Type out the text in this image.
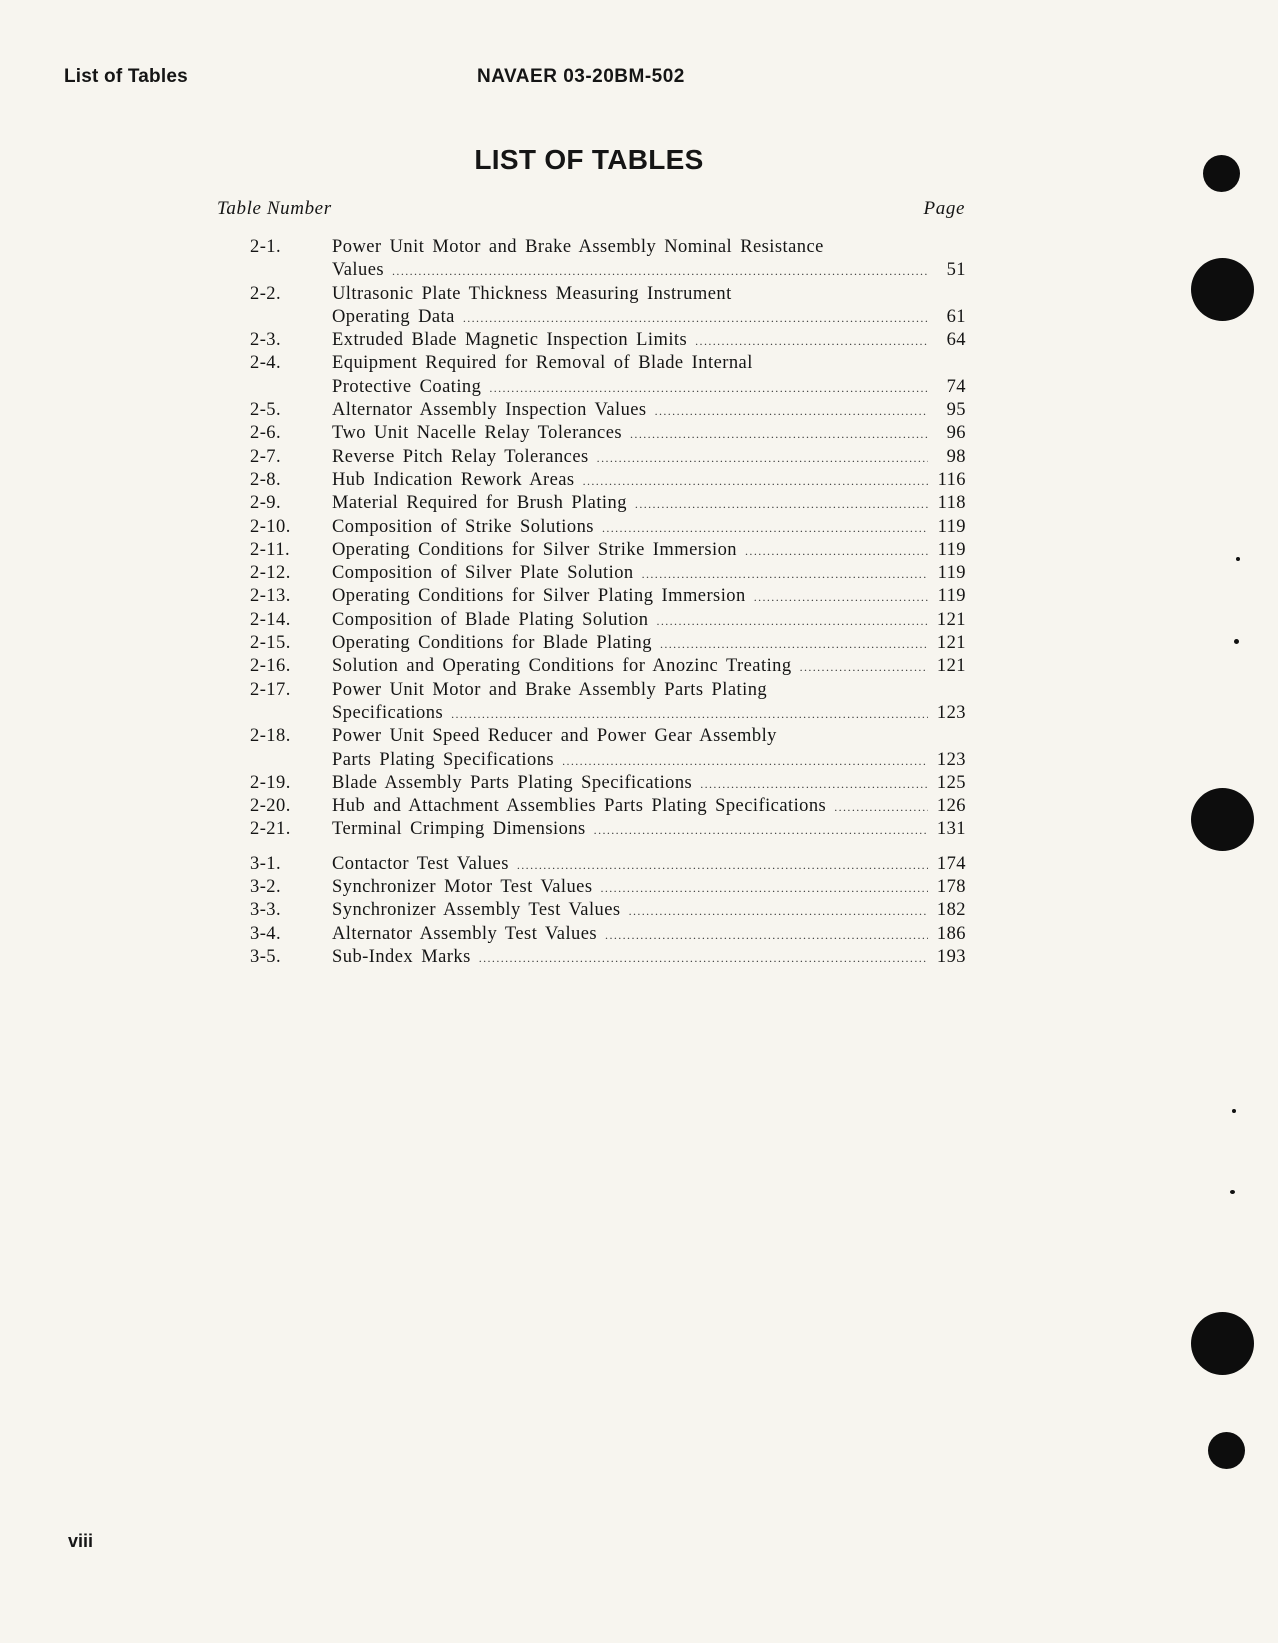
List of Tables	NAVAER 03-20BM-502
LIST OF TABLES
Table Number	Page
2-1.	Power Unit Motor and Brake Assembly Nominal Resistance
Values .....	51
2-2.	Ultrasonic Plate Thickness Measuring Instrument
Operating Data .....	61
2-3.	Extruded Blade Magnetic Inspection Limits .....	64
2-4.	Equipment Required for Removal of Blade Internal
Protective Coating .....	74
2-5.	Alternator Assembly Inspection Values .....	95
2-6.	Two Unit Nacelle Relay Tolerances .....	96
2-7.	Reverse Pitch Relay Tolerances .....	98
2-8.	Hub Indication Rework Areas .....	116
2-9.	Material Required for Brush Plating .....	118
2-10.	Composition of Strike Solutions .....	119
2-11.	Operating Conditions for Silver Strike Immersion .....	119
2-12.	Composition of Silver Plate Solution .....	119
2-13.	Operating Conditions for Silver Plating Immersion .....	119
2-14.	Composition of Blade Plating Solution .....	121
2-15.	Operating Conditions for Blade Plating .....	121
2-16.	Solution and Operating Conditions for Anozinc Treating .....	121
2-17.	Power Unit Motor and Brake Assembly Parts Plating
Specifications .....	123
2-18.	Power Unit Speed Reducer and Power Gear Assembly
Parts Plating Specifications .....	123
2-19.	Blade Assembly Parts Plating Specifications .....	125
2-20.	Hub and Attachment Assemblies Parts Plating Specifications .....	126
2-21.	Terminal Crimping Dimensions .....	131
3-1.	Contactor Test Values .....	174
3-2.	Synchronizer Motor Test Values .....	178
3-3.	Synchronizer Assembly Test Values .....	182
3-4.	Alternator Assembly Test Values .....	186
3-5.	Sub-Index Marks .....	193
viii
